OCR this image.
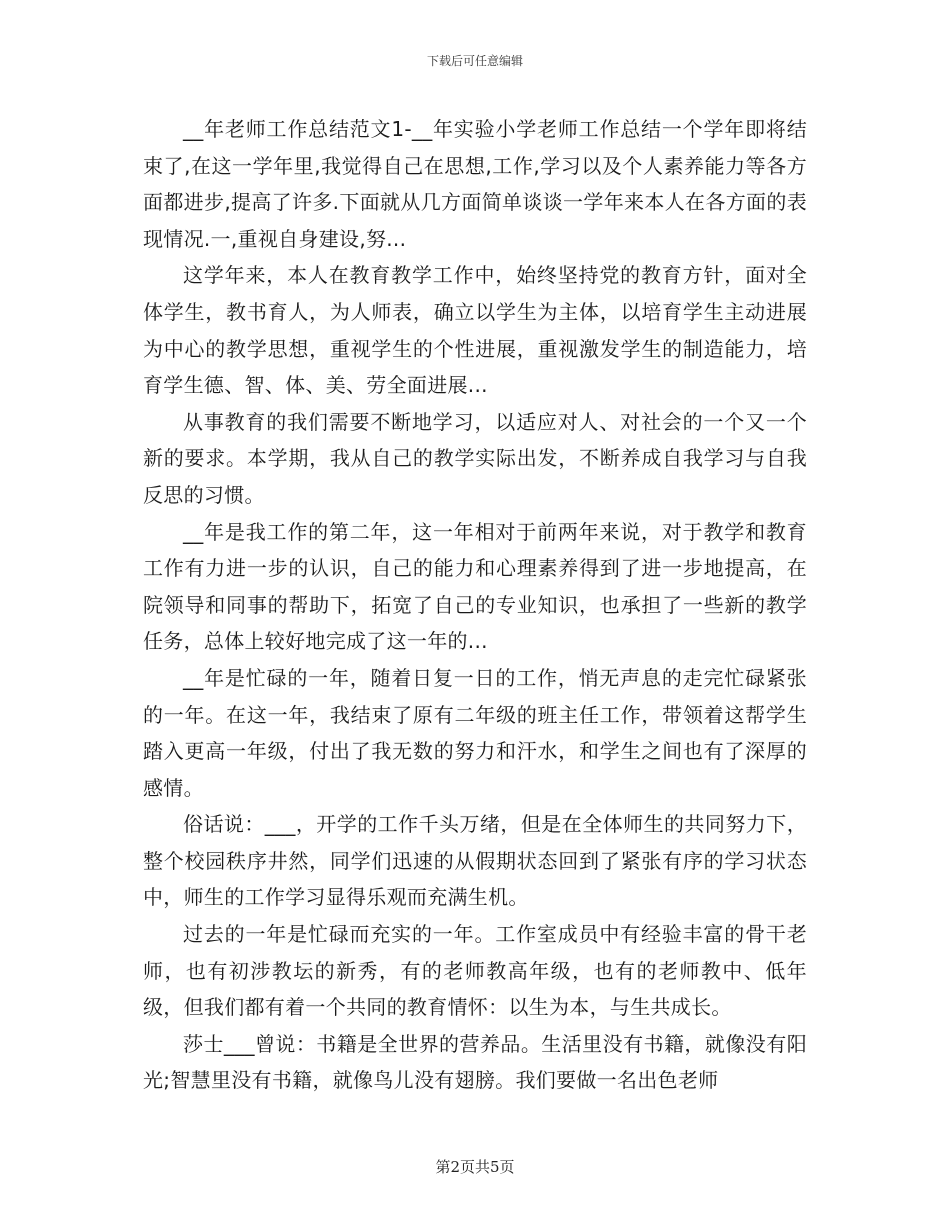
下载后可任意编辑

__年老师工作总结范文1-__年实验小学老师工作总结一个学年即将结束了,在这一学年里,我觉得自己在思想,工作,学习以及个人素养能力等各方面都进步,提高了许多.下面就从几方面简单谈谈一学年来本人在各方面的表现情况.一,重视自身建设,努...

这学年来，本人在教育教学工作中，始终坚持党的教育方针，面对全体学生，教书育人，为人师表，确立以学生为主体，以培育学生主动进展为中心的教学思想，重视学生的个性进展，重视激发学生的制造能力，培育学生德、智、体、美、劳全面进展...

从事教育的我们需要不断地学习，以适应对人、对社会的一个又一个新的要求。本学期，我从自己的教学实际出发，不断养成自我学习与自我反思的习惯。

__年是我工作的第二年，这一年相对于前两年来说，对于教学和教育工作有力进一步的认识，自己的能力和心理素养得到了进一步地提高，在院领导和同事的帮助下，拓宽了自己的专业知识，也承担了一些新的教学任务，总体上较好地完成了这一年的...

__年是忙碌的一年，随着日复一日的工作，悄无声息的走完忙碌紧张的一年。在这一年，我结束了原有二年级的班主任工作，带领着这帮学生踏入更高一年级，付出了我无数的努力和汗水，和学生之间也有了深厚的感情。

俗话说：___，开学的工作千头万绪，但是在全体师生的共同努力下，整个校园秩序井然，同学们迅速的从假期状态回到了紧张有序的学习状态中，师生的工作学习显得乐观而充满生机。

过去的一年是忙碌而充实的一年。工作室成员中有经验丰富的骨干老师，也有初涉教坛的新秀，有的老师教高年级，也有的老师教中、低年级，但我们都有着一个共同的教育情怀：以生为本，与生共成长。

莎士___曾说：书籍是全世界的营养品。生活里没有书籍，就像没有阳光;智慧里没有书籍，就像鸟儿没有翅膀。我们要做一名出色老师

第2页共5页
